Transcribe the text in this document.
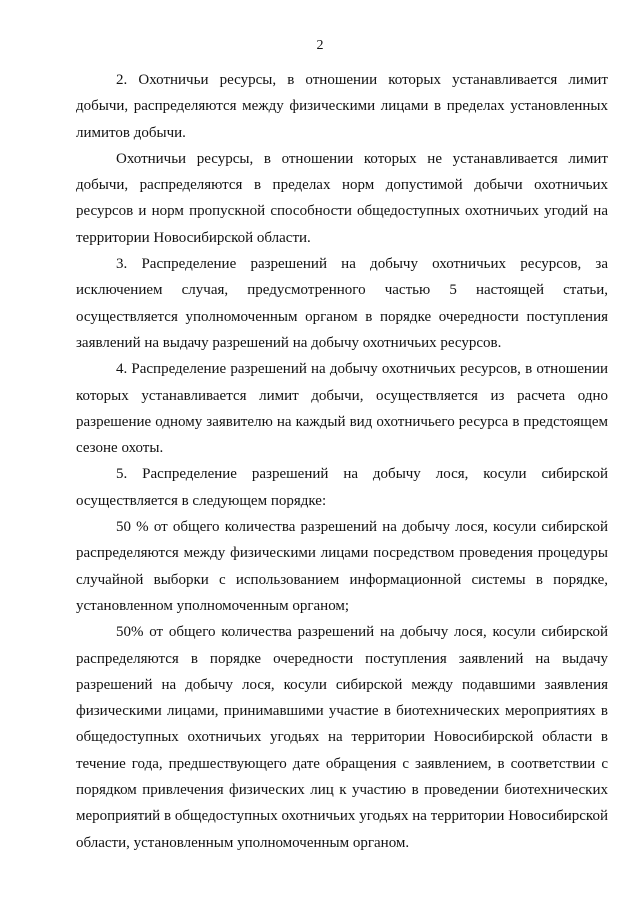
2

2. Охотничьи ресурсы, в отношении которых устанавливается лимит добычи, распределяются между физическими лицами в пределах установленных лимитов добычи.

Охотничьи ресурсы, в отношении которых не устанавливается лимит добычи, распределяются в пределах норм допустимой добычи охотничьих ресурсов и норм пропускной способности общедоступных охотничьих угодий на территории Новосибирской области.

3. Распределение разрешений на добычу охотничьих ресурсов, за исключением случая, предусмотренного частью 5 настоящей статьи, осуществляется уполномоченным органом в порядке очередности поступления заявлений на выдачу разрешений на добычу охотничьих ресурсов.

4. Распределение разрешений на добычу охотничьих ресурсов, в отношении которых устанавливается лимит добычи, осуществляется из расчета одно разрешение одному заявителю на каждый вид охотничьего ресурса в предстоящем сезоне охоты.

5. Распределение разрешений на добычу лося, косули сибирской осуществляется в следующем порядке:

50 % от общего количества разрешений на добычу лося, косули сибирской распределяются между физическими лицами посредством проведения процедуры случайной выборки с использованием информационной системы в порядке, установленном уполномоченным органом;

50% от общего количества разрешений на добычу лося, косули сибирской распределяются в порядке очередности поступления заявлений на выдачу разрешений на добычу лося, косули сибирской между подавшими заявления физическими лицами, принимавшими участие в биотехнических мероприятиях в общедоступных охотничьих угодьях на территории Новосибирской области в течение года, предшествующего дате обращения с заявлением, в соответствии с порядком привлечения физических лиц к участию в проведении биотехнических мероприятий в общедоступных охотничьих угодьях на территории Новосибирской области, установленным уполномоченным органом.
